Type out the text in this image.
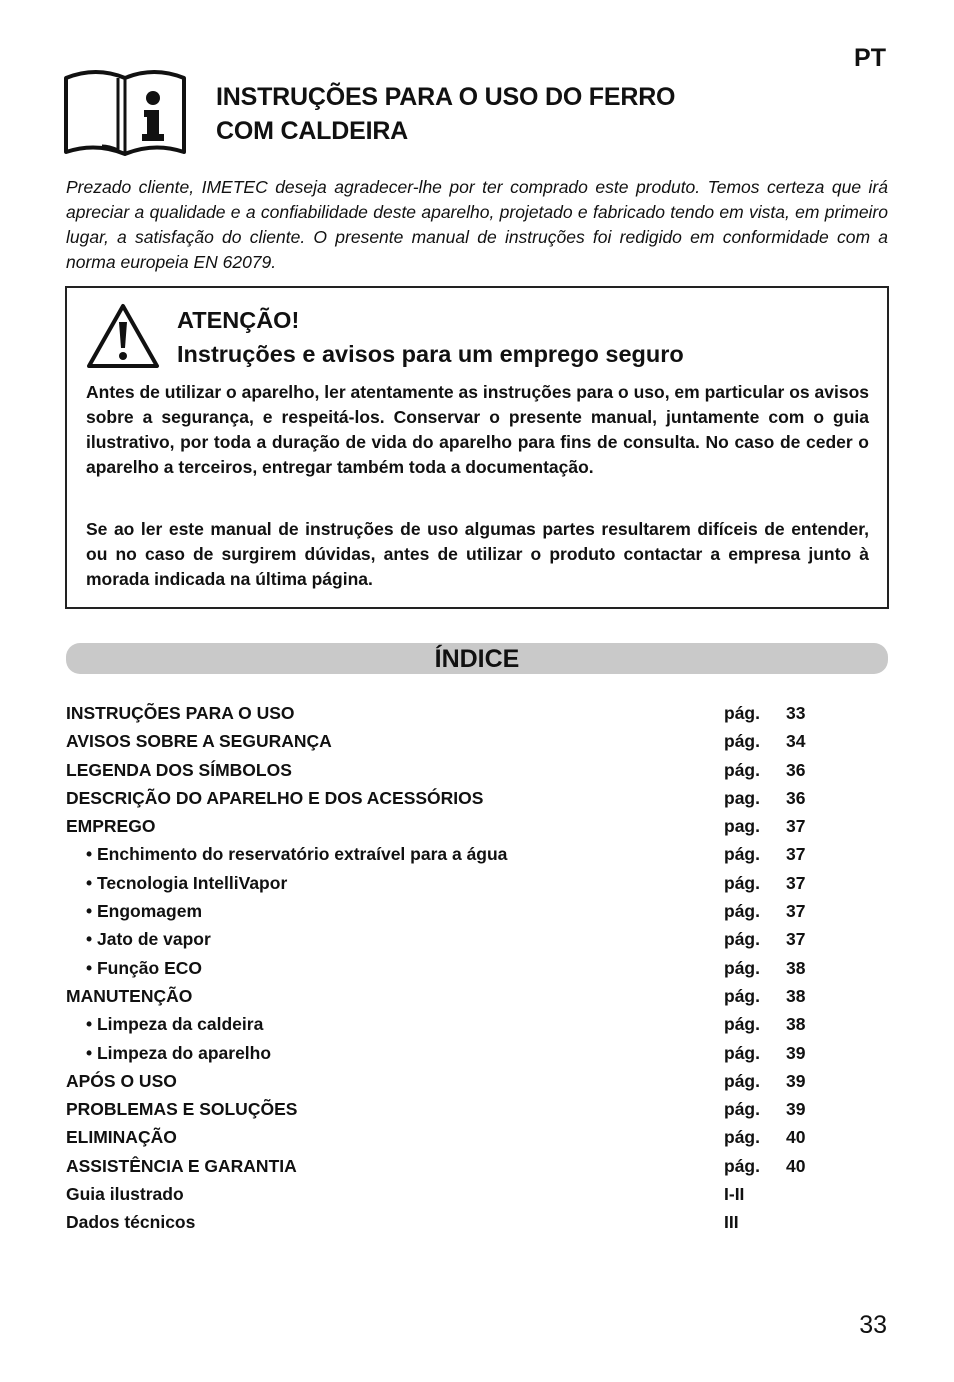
PT
INSTRUÇÕES PARA O USO DO FERRO
COM CALDEIRA
Prezado cliente, IMETEC deseja agradecer-lhe por ter comprado este produto. Temos certeza que irá apreciar a qualidade e a confiabilidade deste aparelho, projetado e fabricado tendo em vista, em primeiro lugar, a satisfação do cliente. O presente manual de instruções foi redigido em conformidade com a norma europeia EN 62079.
ATENÇÃO!
Instruções e avisos para um emprego seguro

Antes de utilizar o aparelho, ler atentamente as instruções para o uso, em particular os avisos sobre a segurança, e respeitá-los. Conservar o presente manual, juntamente com o guia ilustrativo, por toda a duração de vida do aparelho para fins de consulta. No caso de ceder o aparelho a terceiros, entregar também toda a documentação.

Se ao ler este manual de instruções de uso algumas partes resultarem difíceis de entender, ou no caso de surgirem dúvidas, antes de utilizar o produto contactar a empresa junto à morada indicada na última página.

ÍNDICE
INSTRUÇÕES PARA O USO	pág. 33
AVISOS SOBRE A SEGURANÇA	pág. 34
LEGENDA DOS SÍMBOLOS	pág. 36
DESCRIÇÃO DO APARELHO E DOS ACESSÓRIOS	pag. 36
EMPREGO	pag. 37
• Enchimento do reservatório extraível para a água	pág. 37
• Tecnologia IntelliVapor	pág. 37
• Engomagem	pág. 37
• Jato de vapor	pág. 37
• Função ECO	pág. 38
MANUTENÇÃO	pág. 38
• Limpeza da caldeira	pág. 38
• Limpeza do aparelho	pág. 39
APÓS O USO	pág. 39
PROBLEMAS E SOLUÇÕES	pág. 39
ELIMINAÇÃO	pág. 40
ASSISTÊNCIA E GARANTIA	pág. 40
Guia ilustrado	I-II
Dados técnicos	III
33
